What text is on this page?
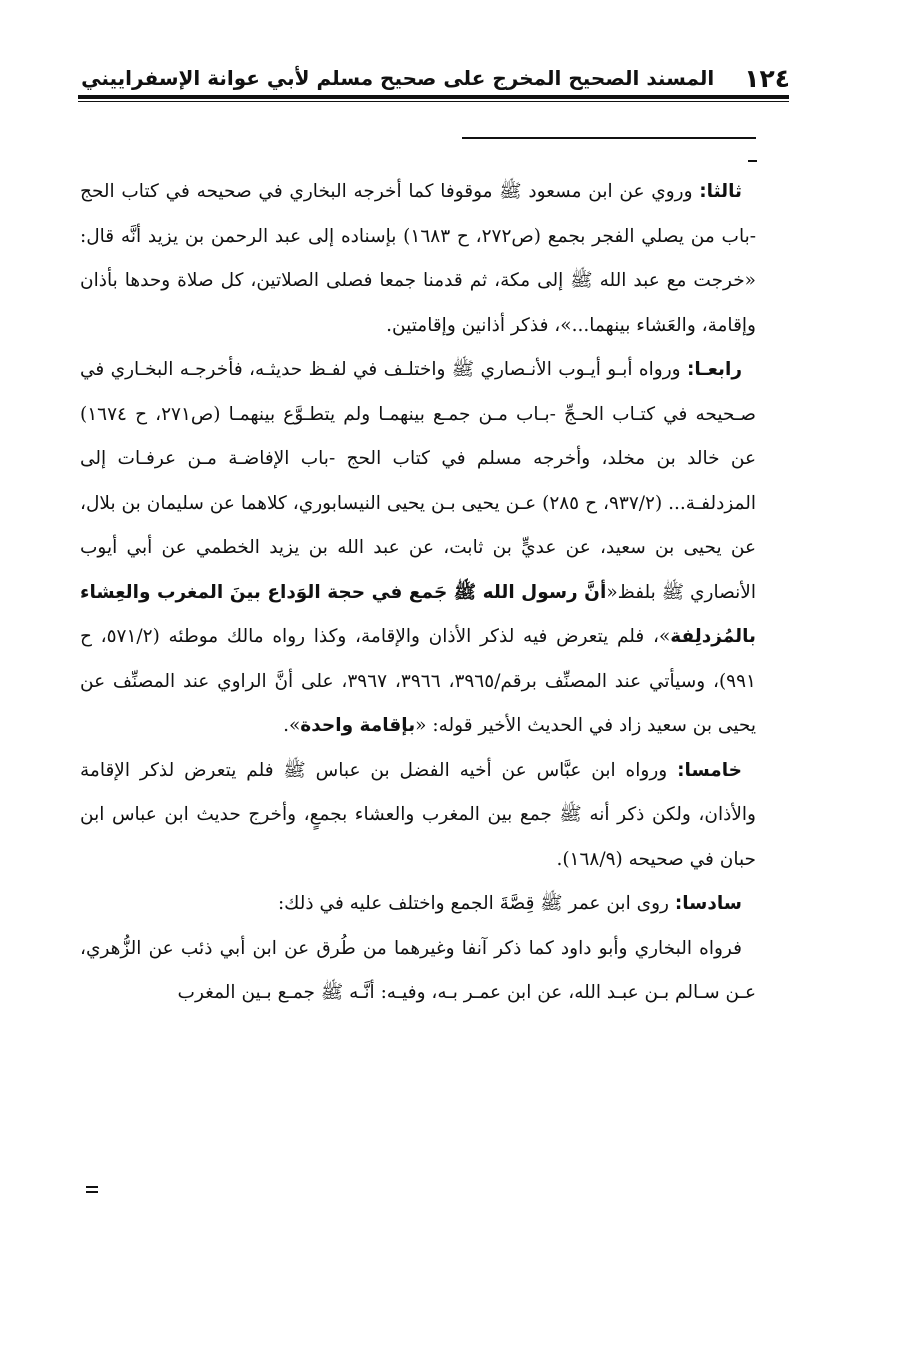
١٢٤
المسند الصحيح المخرج على صحيح مسلم لأبي عوانة الإسفراييني

ثالثا: وروي عن ابن مسعود ﷺ موقوفا كما أخرجه البخاري في صحيحه في كتاب الحج -باب من يصلي الفجر بجمع (ص٢٧٢، ح ١٦٨٣) بإسناده إلى عبد الرحمن بن يزيد أنَّه قال: «خرجت مع عبد الله ﷺ إلى مكة، ثم قدمنا جمعا فصلى الصلاتين، كل صلاة وحدها بأذان وإقامة، والعَشاء بينهما...»، فذكر أذانين وإقامتين.

رابعـا: ورواه أبـو أيـوب الأنـصاري ﷺ واختلـف في لفـظ حديثـه، فأخرجـه البخـاري في صـحيحه في كتـاب الحـجِّ -بـاب مـن جمـع بينهمـا ولم يتطـوَّع بينهمـا (ص٢٧١، ح ١٦٧٤) عن خالد بن مخلد، وأخرجه مسلم في كتاب الحج -باب الإفاضـة مـن عرفـات إلى المزدلفـة... (٩٣٧/٢، ح ٢٨٥) عـن يحيى بـن يحيى النيسابوري، كلاهما عن سليمان بن بلال، عن يحيى بن سعيد، عن عديٍّ بن ثابت، عن عبد الله بن يزيد الخطمي عن أبي أيوب الأنصاري ﷺ بلفظ«أنَّ رسول الله ﷺ جَمع في حجة الوَداع بينَ المغرب والعِشاء بالمُزدلِفة»، فلم يتعرض فيه لذكر الأذان والإقامة، وكذا رواه مالك موطئه (٥٧١/٢، ح ٩٩١)، وسيأتي عند المصنِّف برقم/٣٩٦٥، ٣٩٦٦، ٣٩٦٧، على أنَّ الراوي عند المصنِّف عن يحيى بن سعيد زاد في الحديث الأخير قوله: «بإقامة واحدة».

خامسا: ورواه ابن عبَّاس عن أخيه الفضل بن عباس ﷺ فلم يتعرض لذكر الإقامة والأذان، ولكن ذكر أنه ﷺ جمع بين المغرب والعشاء بجمعٍ، وأخرج حديث ابن عباس ابن حبان في صحيحه (١٦٨/٩).

سادسا: روى ابن عمر ﷺ قِصَّةَ الجمع واختلف عليه في ذلك:

فرواه البخاري وأبو داود كما ذكر آنفا وغيرهما من طُرق عن ابن أبي ذئب عن الزُّهري، عـن سـالم بـن عبـد الله، عن ابن عمـر بـه، وفيـه: أنَّـه ﷺ جمـع بـين المغرب
